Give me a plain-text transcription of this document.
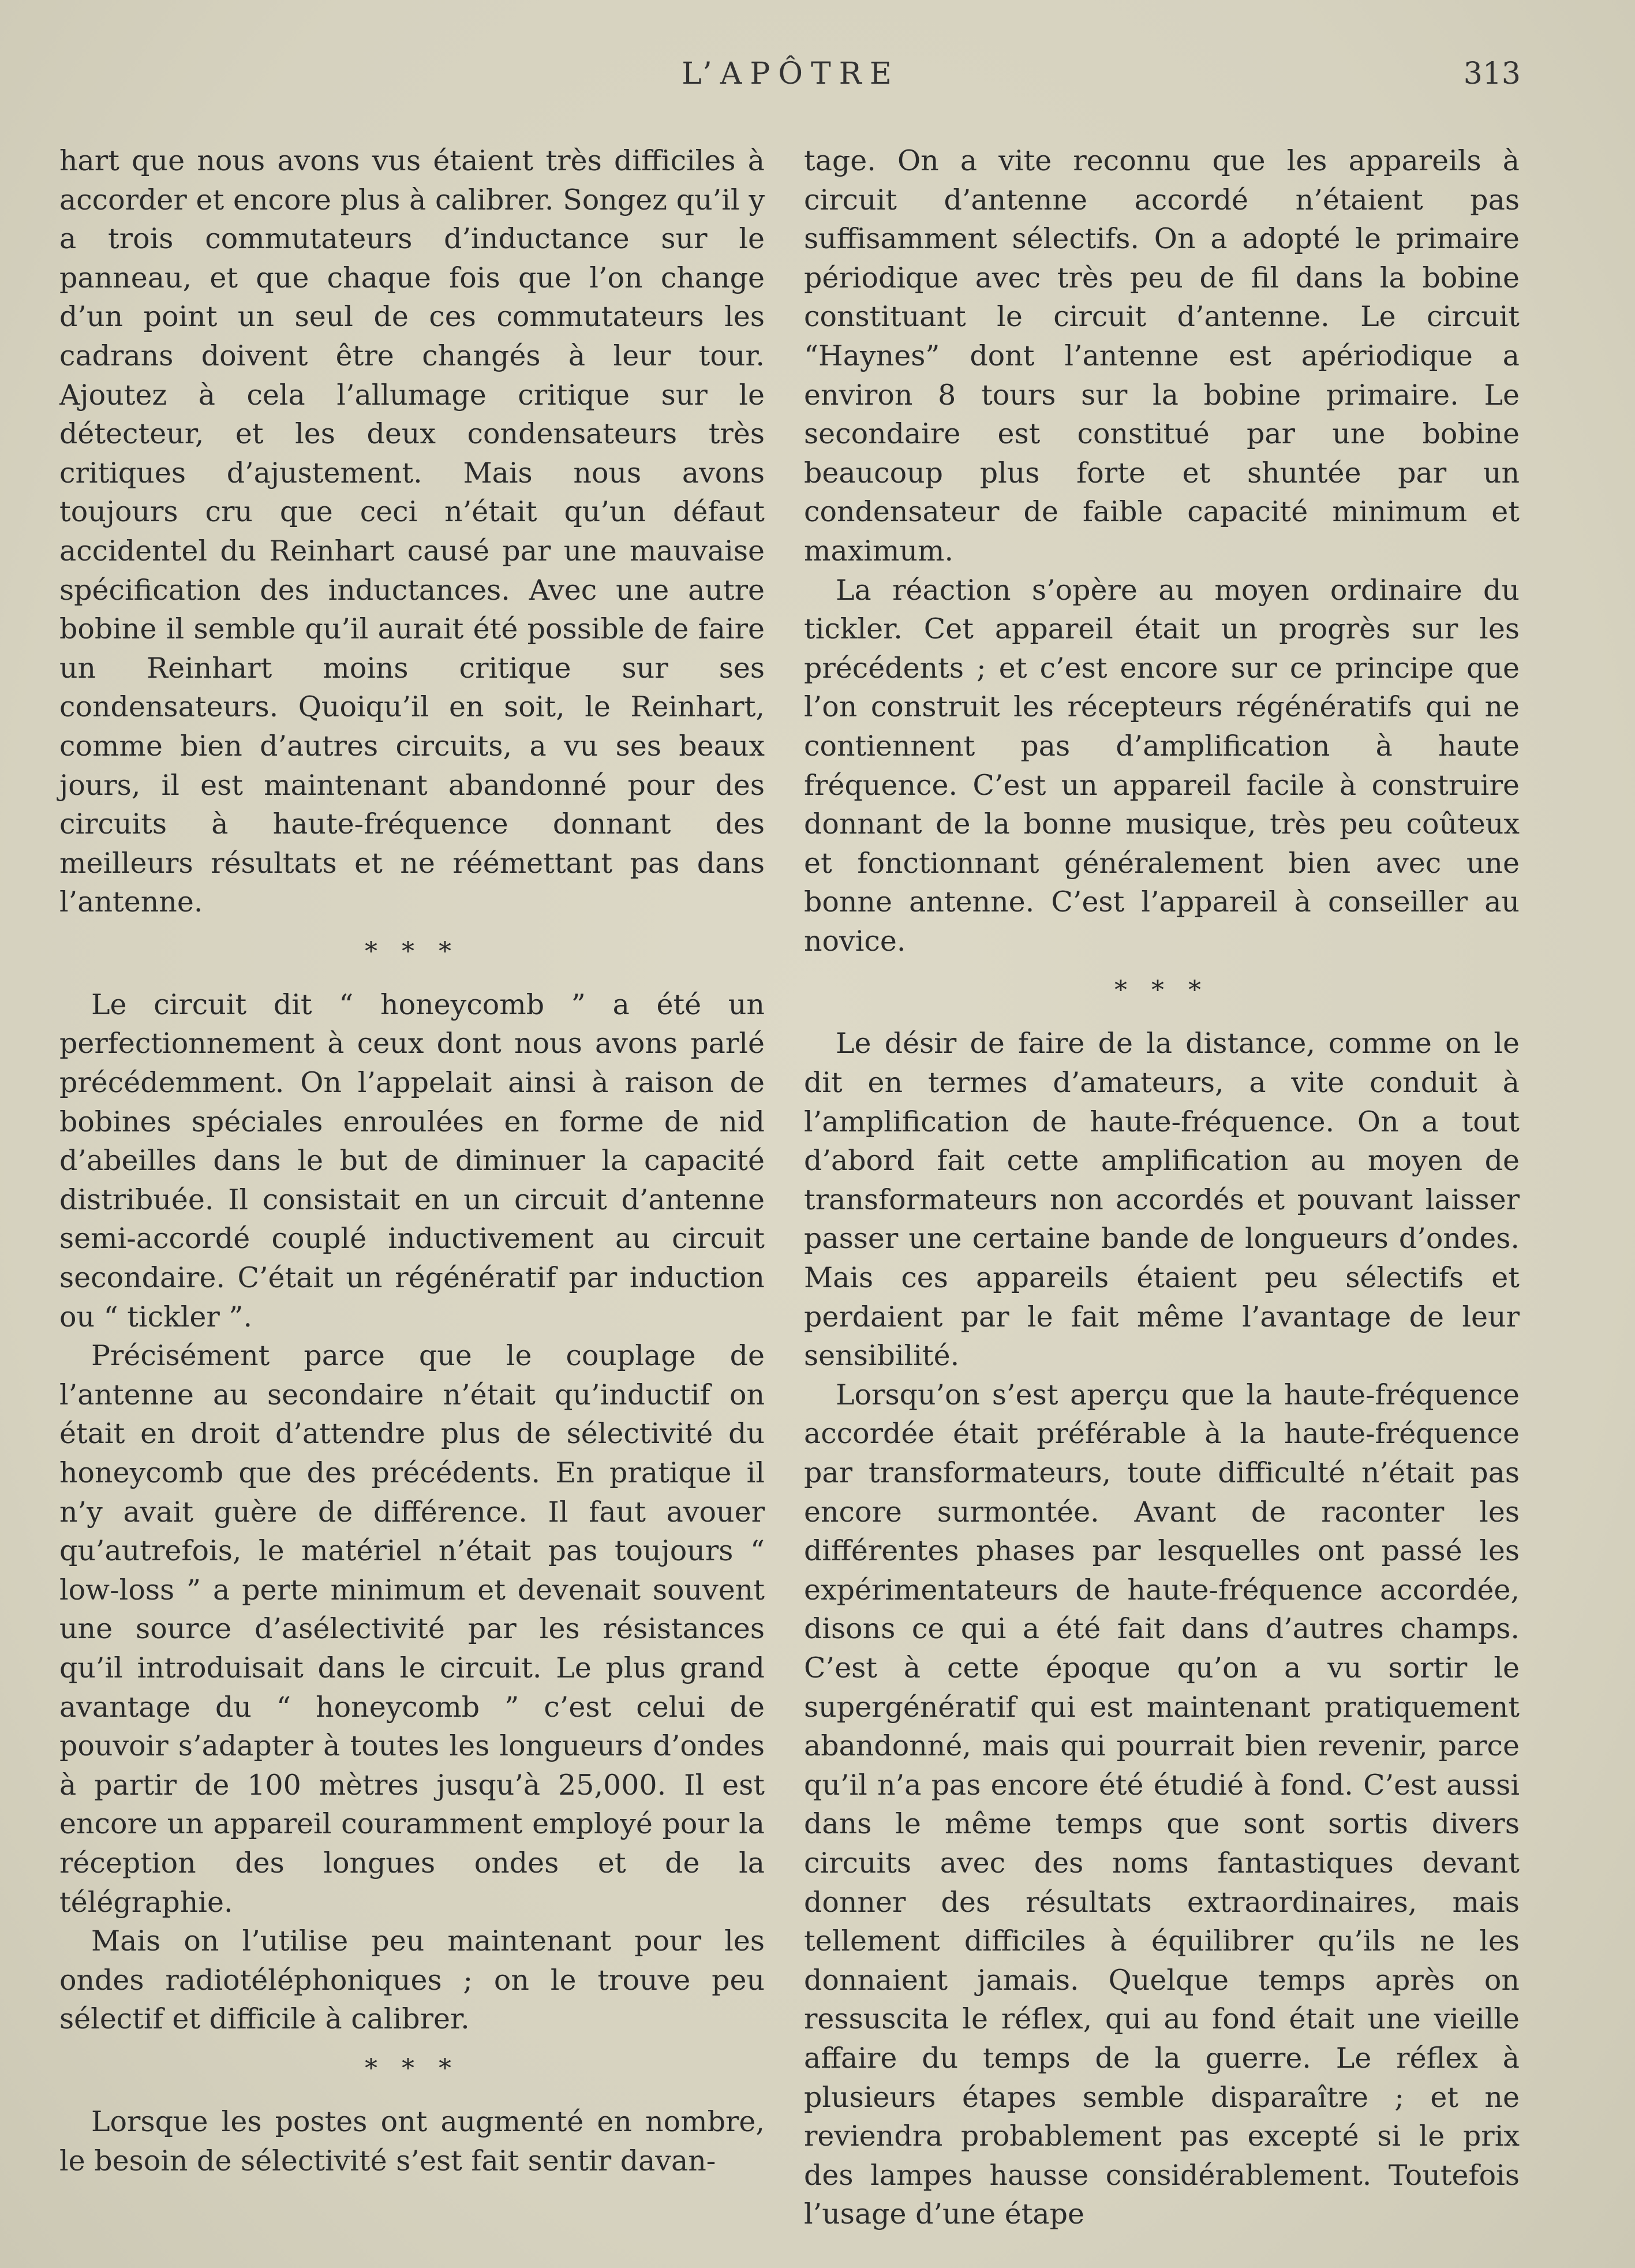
L’APÔTRE	313

hart que nous avons vus étaient très difficiles à accorder et encore plus à calibrer. Songez qu’il y a trois commutateurs d’inductance sur le panneau, et que chaque fois que l’on change d’un point un seul de ces commutateurs les cadrans doivent être changés à leur tour. Ajoutez à cela l’allumage critique sur le détecteur, et les deux condensateurs très critiques d’ajustement. Mais nous avons toujours cru que ceci n’était qu’un défaut accidentel du Reinhart causé par une mauvaise spécification des inductances. Avec une autre bobine il semble qu’il aurait été possible de faire un Reinhart moins critique sur ses condensateurs. Quoiqu’il en soit, le Reinhart, comme bien d’autres circuits, a vu ses beaux jours, il est maintenant abandonné pour des circuits à haute-fréquence donnant des meilleurs résultats et ne réémettant pas dans l’antenne.

* * *

Le circuit dit “ honeycomb ” a été un perfectionnement à ceux dont nous avons parlé précédemment. On l’appelait ainsi à raison de bobines spéciales enroulées en forme de nid d’abeilles dans le but de diminuer la capacité distribuée. Il consistait en un circuit d’antenne semi-accordé couplé inductivement au circuit secondaire. C’était un régénératif par induction ou “ tickler ”.

Précisément parce que le couplage de l’antenne au secondaire n’était qu’inductif on était en droit d’attendre plus de sélectivité du honeycomb que des précédents. En pratique il n’y avait guère de différence. Il faut avouer qu’autrefois, le matériel n’était pas toujours “ low-loss ” a perte minimum et devenait souvent une source d’asélectivité par les résistances qu’il introduisait dans le circuit. Le plus grand avantage du “ honeycomb ” c’est celui de pouvoir s’adapter à toutes les longueurs d’ondes à partir de 100 mètres jusqu’à 25,000. Il est encore un appareil couramment employé pour la réception des longues ondes et de la télégraphie.

Mais on l’utilise peu maintenant pour les ondes radiotéléphoniques ; on le trouve peu sélectif et difficile à calibrer.

* * *

Lorsque les postes ont augmenté en nombre, le besoin de sélectivité s’est fait sentir davan-

tage. On a vite reconnu que les appareils à circuit d’antenne accordé n’étaient pas suffisamment sélectifs. On a adopté le primaire périodique avec très peu de fil dans la bobine constituant le circuit d’antenne. Le circuit “Haynes” dont l’antenne est apériodique a environ 8 tours sur la bobine primaire. Le secondaire est constitué par une bobine beaucoup plus forte et shuntée par un condensateur de faible capacité minimum et maximum.

La réaction s’opère au moyen ordinaire du tickler. Cet appareil était un progrès sur les précédents ; et c’est encore sur ce principe que l’on construit les récepteurs régénératifs qui ne contiennent pas d’amplification à haute fréquence. C’est un appareil facile à construire donnant de la bonne musique, très peu coûteux et fonctionnant généralement bien avec une bonne antenne. C’est l’appareil à conseiller au novice.

* * *

Le désir de faire de la distance, comme on le dit en termes d’amateurs, a vite conduit à l’amplification de haute-fréquence. On a tout d’abord fait cette amplification au moyen de transformateurs non accordés et pouvant laisser passer une certaine bande de longueurs d’ondes. Mais ces appareils étaient peu sélectifs et perdaient par le fait même l’avantage de leur sensibilité.

Lorsqu’on s’est aperçu que la haute-fréquence accordée était préférable à la haute-fréquence par transformateurs, toute difficulté n’était pas encore surmontée. Avant de raconter les différentes phases par lesquelles ont passé les expérimentateurs de haute-fréquence accordée, disons ce qui a été fait dans d’autres champs. C’est à cette époque qu’on a vu sortir le supergénératif qui est maintenant pratiquement abandonné, mais qui pourrait bien revenir, parce qu’il n’a pas encore été étudié à fond. C’est aussi dans le même temps que sont sortis divers circuits avec des noms fantastiques devant donner des résultats extraordinaires, mais tellement difficiles à équilibrer qu’ils ne les donnaient jamais. Quelque temps après on ressuscita le réflex, qui au fond était une vieille affaire du temps de la guerre. Le réflex à plusieurs étapes semble disparaître ; et ne reviendra probablement pas excepté si le prix des lampes hausse considérablement. Toutefois l’usage d’une étape
